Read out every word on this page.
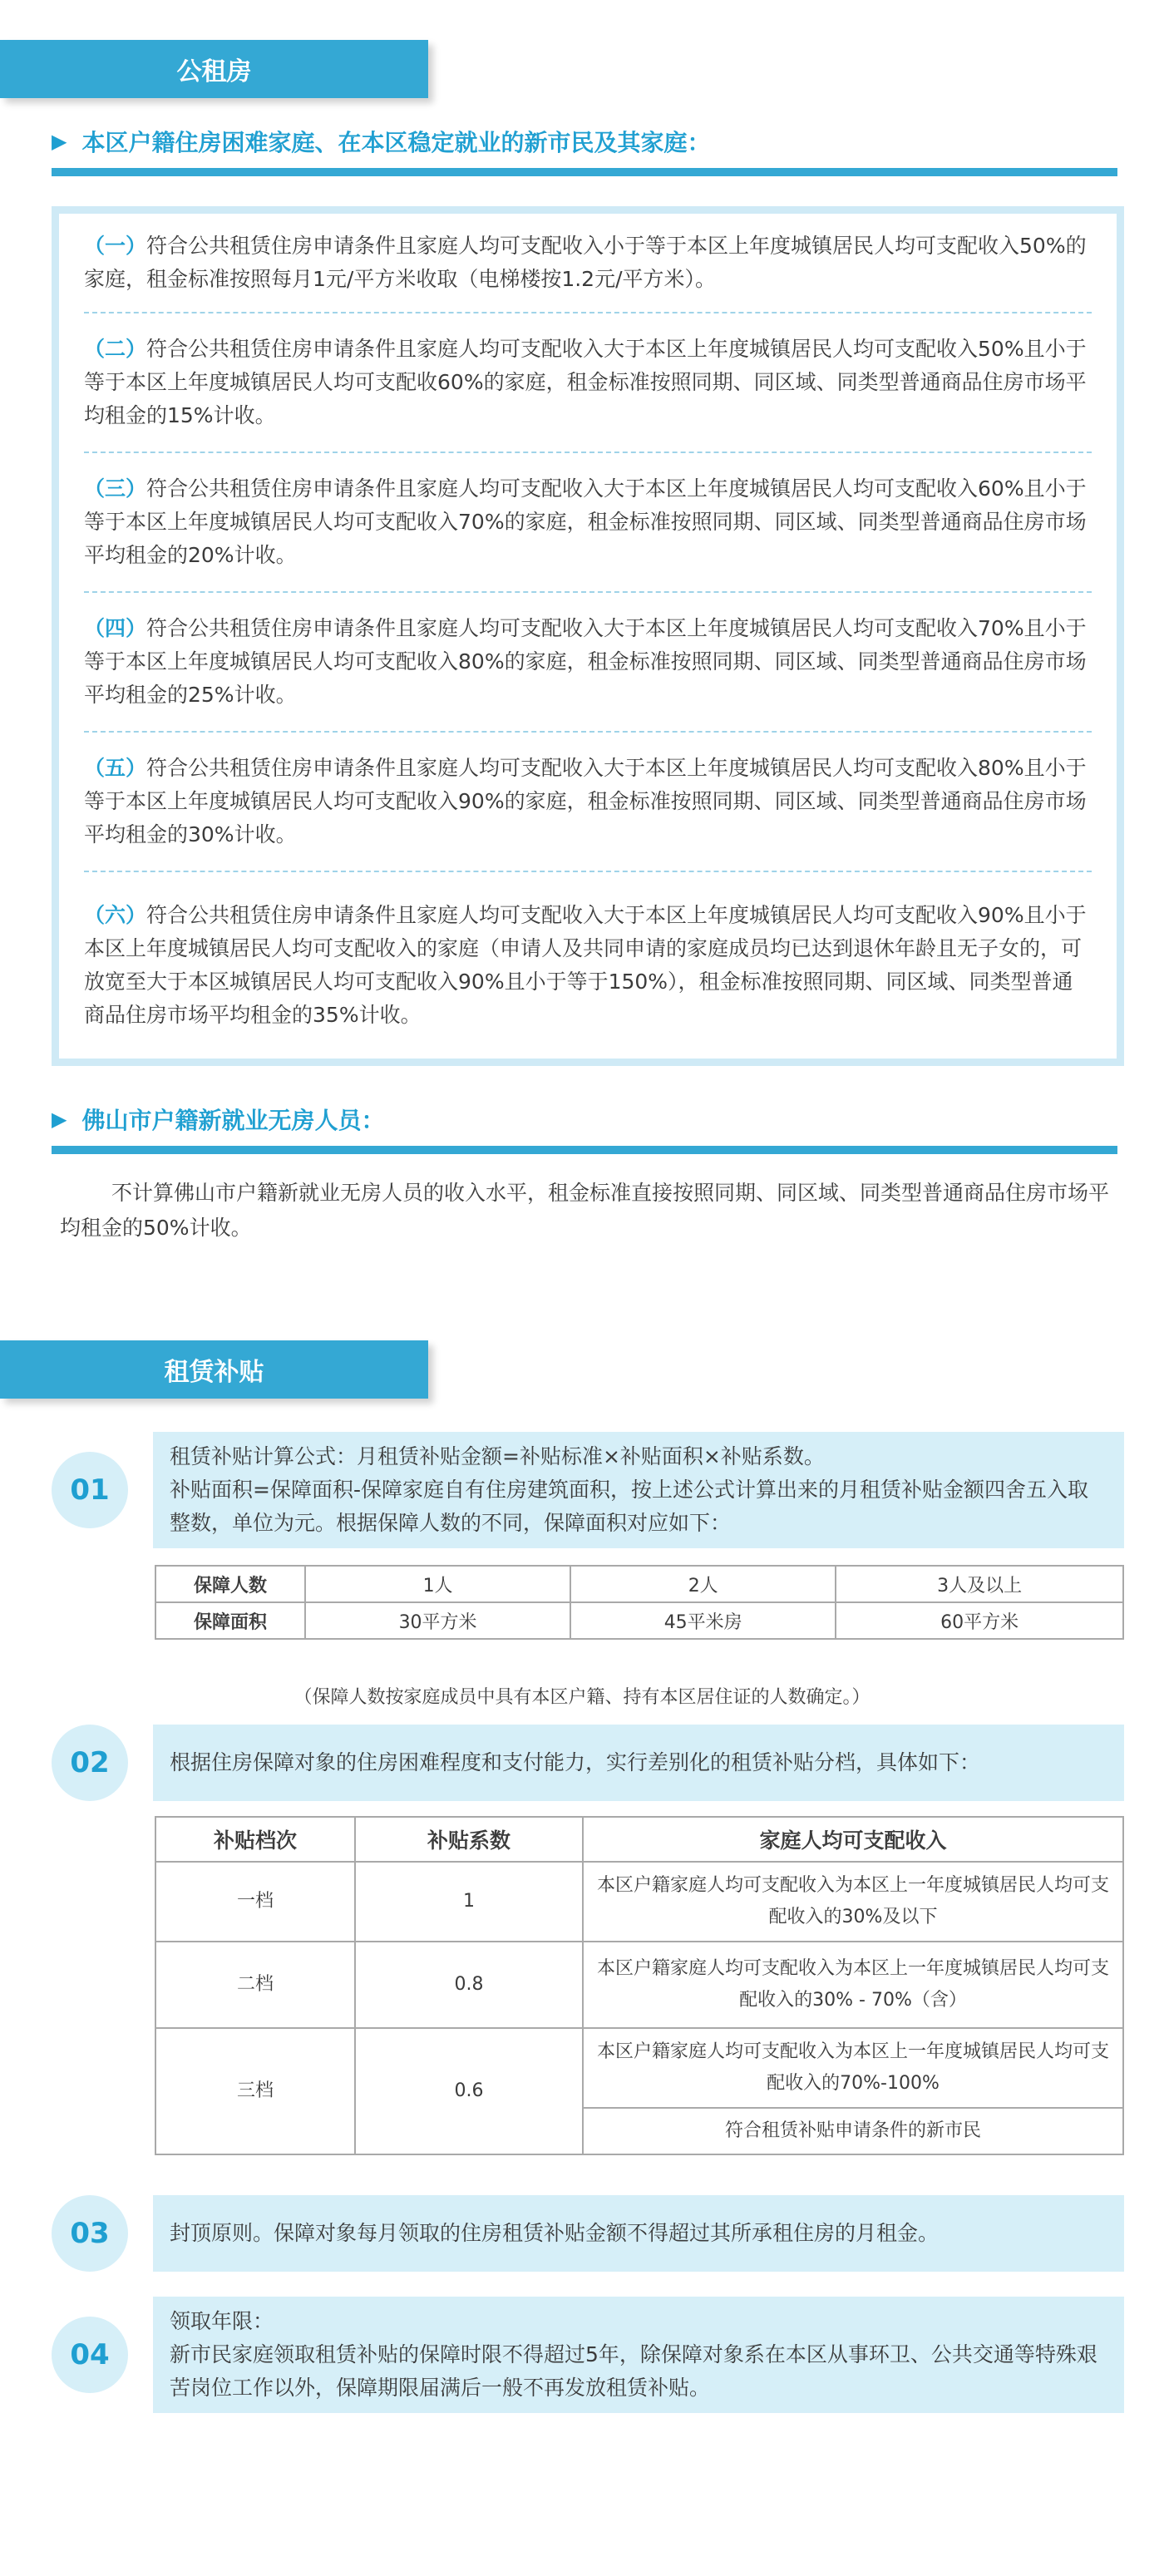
公租房
▶ 本区户籍住房困难家庭、在本区稳定就业的新市民及其家庭：

（一）符合公共租赁住房申请条件且家庭人均可支配收入小于等于本区上年度城镇居民人均可支配收入50%的家庭，租金标准按照每月1元/平方米收取（电梯楼按1.2元/平方米）。

（二）符合公共租赁住房申请条件且家庭人均可支配收入大于本区上年度城镇居民人均可支配收入50%且小于等于本区上年度城镇居民人均可支配收60%的家庭，租金标准按照同期、同区域、同类型普通商品住房市场平均租金的15%计收。

（三）符合公共租赁住房申请条件且家庭人均可支配收入大于本区上年度城镇居民人均可支配收入60%且小于等于本区上年度城镇居民人均可支配收入70%的家庭，租金标准按照同期、同区域、同类型普通商品住房市场平均租金的20%计收。

（四）符合公共租赁住房申请条件且家庭人均可支配收入大于本区上年度城镇居民人均可支配收入70%且小于等于本区上年度城镇居民人均可支配收入80%的家庭，租金标准按照同期、同区域、同类型普通商品住房市场平均租金的25%计收。

（五）符合公共租赁住房申请条件且家庭人均可支配收入大于本区上年度城镇居民人均可支配收入80%且小于等于本区上年度城镇居民人均可支配收入90%的家庭，租金标准按照同期、同区域、同类型普通商品住房市场平均租金的30%计收。

（六）符合公共租赁住房申请条件且家庭人均可支配收入大于本区上年度城镇居民人均可支配收入90%且小于本区上年度城镇居民人均可支配收入的家庭（申请人及共同申请的家庭成员均已达到退休年龄且无子女的，可放宽至大于本区城镇居民人均可支配收入90%且小于等于150%），租金标准按照同期、同区域、同类型普通商品住房市场平均租金的35%计收。

▶ 佛山市户籍新就业无房人员：

不计算佛山市户籍新就业无房人员的收入水平，租金标准直接按照同期、同区域、同类型普通商品住房市场平均租金的50%计收。

租赁补贴
01

租赁补贴计算公式：月租赁补贴金额=补贴标准×补贴面积×补贴系数。

补贴面积=保障面积-保障家庭自有住房建筑面积，按上述公式计算出来的月租赁补贴金额四舍五入取整数，单位为元。根据保障人数的不同，保障面积对应如下：

保障人数	1人	2人	3人及以上
保障面积	30平方米	45平米房	60平方米

（保障人数按家庭成员中具有本区户籍、持有本区居住证的人数确定。）

02	根据住房保障对象的住房困难程度和支付能力，实行差别化的租赁补贴分档，具体如下：

补贴档次	补贴系数	家庭人均可支配收入
一档	1	本区户籍家庭人均可支配收入为本区上一年度城镇居民人均可支配收入的30%及以下
二档	0.8	本区户籍家庭人均可支配收入为本区上一年度城镇居民人均可支配收入的30% - 70%（含）
三档	0.6	本区户籍家庭人均可支配收入为本区上一年度城镇居民人均可支配收入的70%-100%
		符合租赁补贴申请条件的新市民
03	封顶原则。保障对象每月领取的住房租赁补贴金额不得超过其所承租住房的月租金。

04

领取年限：

新市民家庭领取租赁补贴的保障时限不得超过5年，除保障对象系在本区从事环卫、公共交通等特殊艰苦岗位工作以外，保障期限届满后一般不再发放租赁补贴。
